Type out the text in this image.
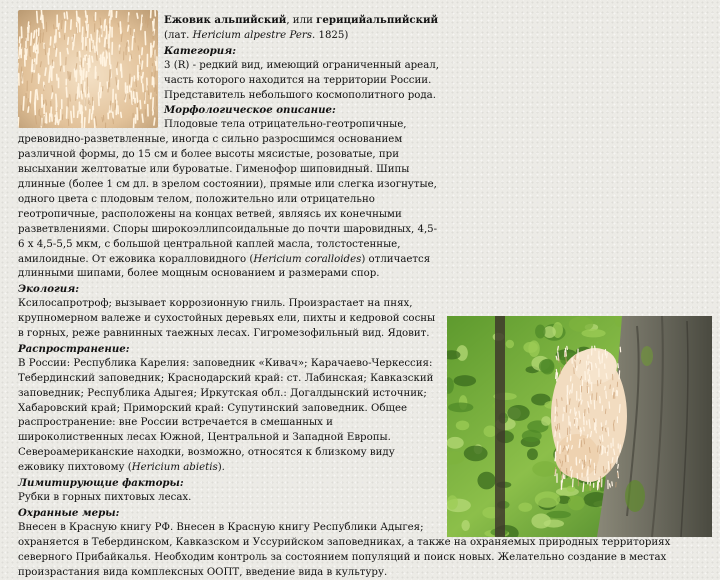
Ежовик альпийский, или герицийальпийский (лат. Hericium alpestre Pers. 1825)

Категория:

3 (R) - редкий вид, имеющий ограниченный ареал, часть которого находится на территории России. Представитель небольшого космополитного рода.

Морфологическое описание:

Плодовые тела отрицательно-геотропичные, древовидно-разветвленные, иногда с сильно разросшимся основанием различной формы, до 15 см и более высоты мясистые, розоватые, при высыхании желтоватые или буроватые. Гименофор шиповидный. Шипы длинные (более 1 см дл. в зрелом состоянии), прямые или слегка изогнутые, одного цвета с плодовым телом, положительно или отрицательно геотропичные, расположены на концах ветвей, являясь их конечными разветвлениями. Споры широкоэллипсоидальные до почти шаровидных, 4,5-6 x 4,5-5,5 мкм, с большой центральной каплей масла, толстостенные, амилоидные. От ежовика коралловидного (Hericium coralloides) отличается длинными шипами, более мощным основанием и размерами спор.

Экология:

Ксилосапротроф; вызывает коррозионную гниль. Произрастает на пнях, крупномерном валеже и сухостойных деревьях ели, пихты и кедровой сосны в горных, реже равнинных таежных лесах. Гигромезофильный вид. Ядовит.

Распространение:

В России: Республика Карелия: заповедник «Кивач»; Карачаево-Черкессия: Тебердинский заповедник; Краснодарский край: ст. Лабинская; Кавказский заповедник; Республика Адыгея; Иркутская обл.: Догалдынский источник; Хабаровский край; Приморский край: Супутинский заповедник. Общее распространение: вне России встречается в смешанных и широколиственных лесах Южной, Центральной и Западной Европы. Североамериканские находки, возможно, относятся к близкому виду ежовику пихтовому (Hericium abietis).

Лимитирующие факторы:

Рубки в горных пихтовых лесах.

Охранные меры:

Внесен в Красную книгу РФ. Внесен в Красную книгу Республики Адыгея; охраняется в Тебердинском, Кавказском и Уссурийском заповедниках, а также на охраняемых природных территориях северного Прибайкалья. Необходим контроль за состоянием популяций и поиск новых. Желательно создание в местах произрастания вида комплексных ООПТ, введение вида в культуру.
